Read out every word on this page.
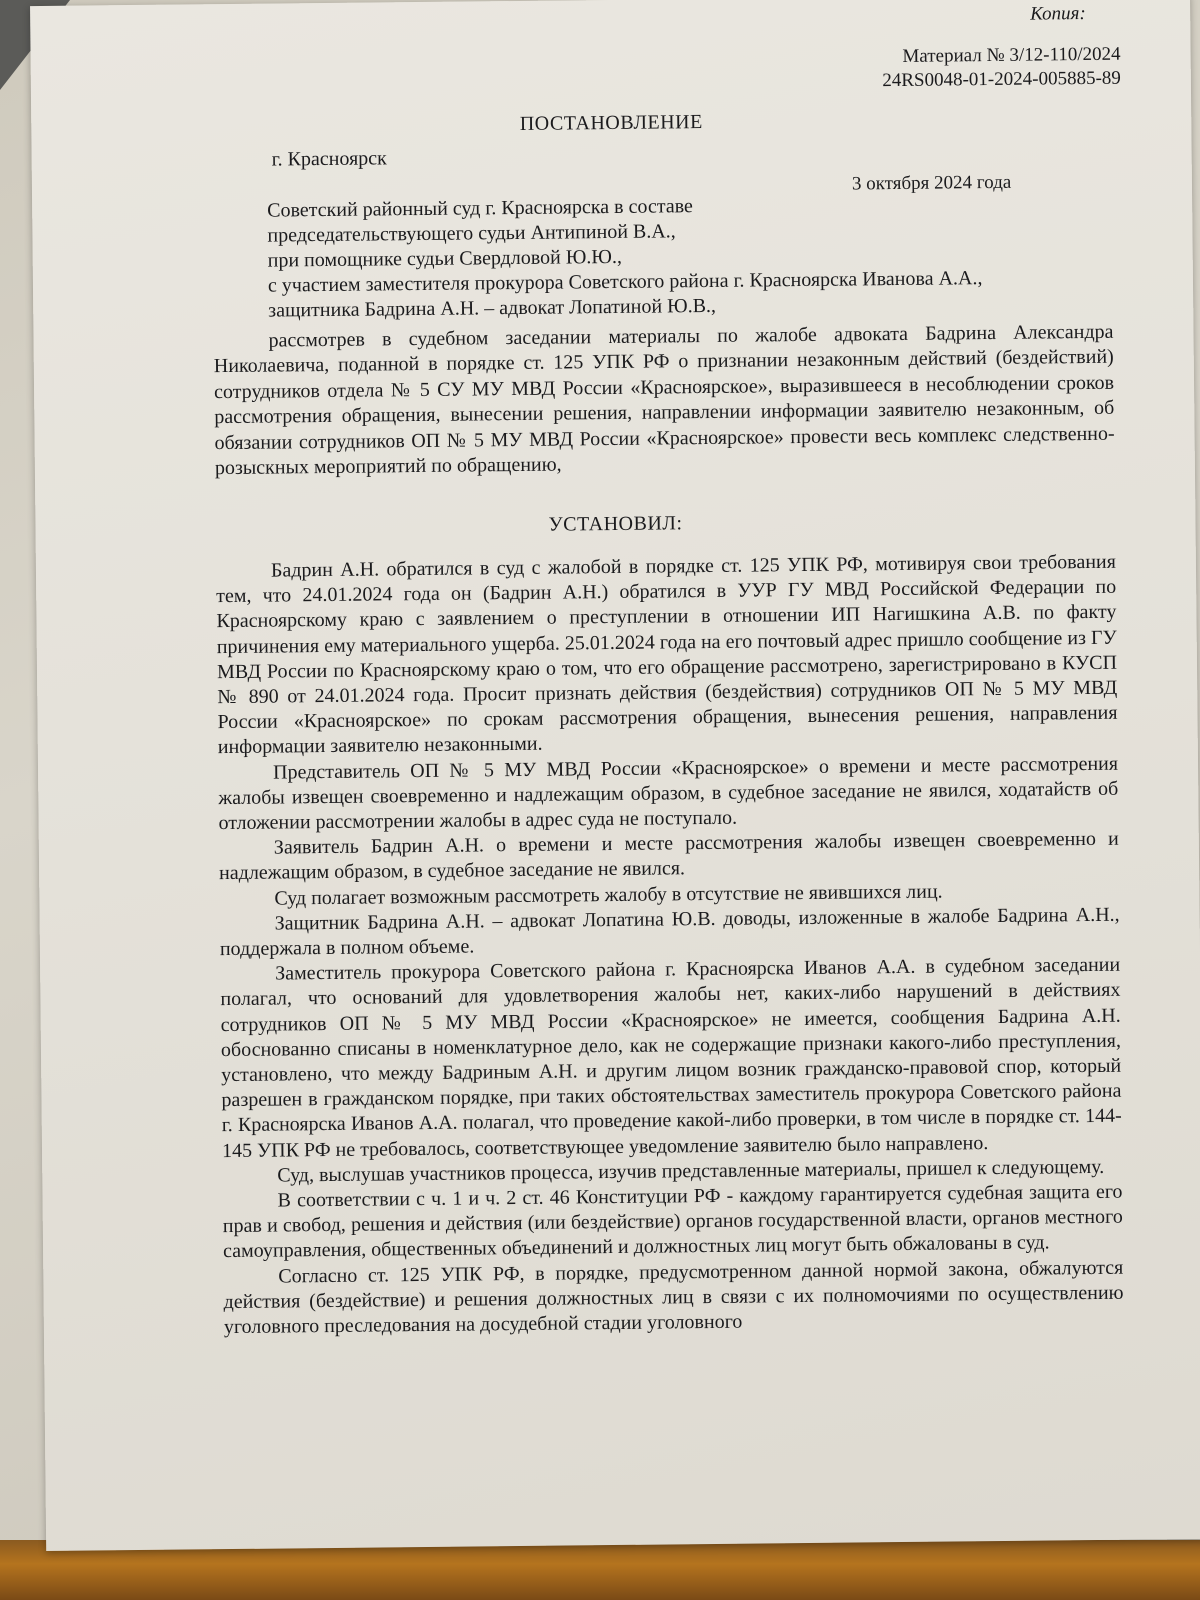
Копия:
Материал № 3/12-110/2024
24RS0048-01-2024-005885-89
ПОСТАНОВЛЕНИЕ
г. Красноярск
3 октября 2024 года

Советский районный суд г. Красноярска в составе

председательствующего судьи Антипиной В.А.,

при помощнике судьи Свердловой Ю.Ю.,

с участием заместителя прокурора Советского района г. Красноярска Иванова А.А.,

защитника Бадрина А.Н. – адвокат Лопатиной Ю.В.,

рассмотрев в судебном заседании материалы по жалобе адвоката Бадрина Александра Николаевича, поданной в порядке ст. 125 УПК РФ о признании незаконным действий (бездействий) сотрудников отдела № 5 СУ МУ МВД России «Красноярское», выразившееся в несоблюдении сроков рассмотрения обращения, вынесении решения, направлении информации заявителю незаконным, об обязании сотрудников ОП № 5 МУ МВД России «Красноярское» провести весь комплекс следственно-розыскных мероприятий по обращению,

УСТАНОВИЛ:

Бадрин А.Н. обратился в суд с жалобой в порядке ст. 125 УПК РФ, мотивируя свои требования тем, что 24.01.2024 года он (Бадрин А.Н.) обратился в УУР ГУ МВД Российской Федерации по Красноярскому краю с заявлением о преступлении в отношении ИП Нагишкина А.В. по факту причинения ему материального ущерба. 25.01.2024 года на его почтовый адрес пришло сообщение из ГУ МВД России по Красноярскому краю о том, что его обращение рассмотрено, зарегистрировано в КУСП № 890 от 24.01.2024 года. Просит признать действия (бездействия) сотрудников ОП № 5 МУ МВД России «Красноярское» по срокам рассмотрения обращения, вынесения решения, направления информации заявителю незаконными.

Представитель ОП № 5 МУ МВД России «Красноярское» о времени и месте рассмотрения жалобы извещен своевременно и надлежащим образом, в судебное заседание не явился, ходатайств об отложении рассмотрении жалобы в адрес суда не поступало.

Заявитель Бадрин А.Н. о времени и месте рассмотрения жалобы извещен своевременно и надлежащим образом, в судебное заседание не явился.

Суд полагает возможным рассмотреть жалобу в отсутствие не явившихся лиц.

Защитник Бадрина А.Н. – адвокат Лопатина Ю.В. доводы, изложенные в жалобе Бадрина А.Н., поддержала в полном объеме.

Заместитель прокурора Советского района г. Красноярска Иванов А.А. в судебном заседании полагал, что оснований для удовлетворения жалобы нет, каких-либо нарушений в действиях сотрудников ОП № 5 МУ МВД России «Красноярское» не имеется, сообщения Бадрина А.Н. обоснованно списаны в номенклатурное дело, как не содержащие признаки какого-либо преступления, установлено, что между Бадриным А.Н. и другим лицом возник гражданско-правовой спор, который разрешен в гражданском порядке, при таких обстоятельствах заместитель прокурора Советского района г. Красноярска Иванов А.А. полагал, что проведение какой-либо проверки, в том числе в порядке ст. 144-145 УПК РФ не требовалось, соответствующее уведомление заявителю было направлено.

Суд, выслушав участников процесса, изучив представленные материалы, пришел к следующему.

В соответствии с ч. 1 и ч. 2 ст. 46 Конституции РФ - каждому гарантируется судебная защита его прав и свобод, решения и действия (или бездействие) органов государственной власти, органов местного самоуправления, общественных объединений и должностных лиц могут быть обжалованы в суд.

Согласно ст. 125 УПК РФ, в порядке, предусмотренном данной нормой закона, обжалуются действия (бездействие) и решения должностных лиц в связи с их полномочиями по осуществлению уголовного преследования на досудебной стадии уголовного
